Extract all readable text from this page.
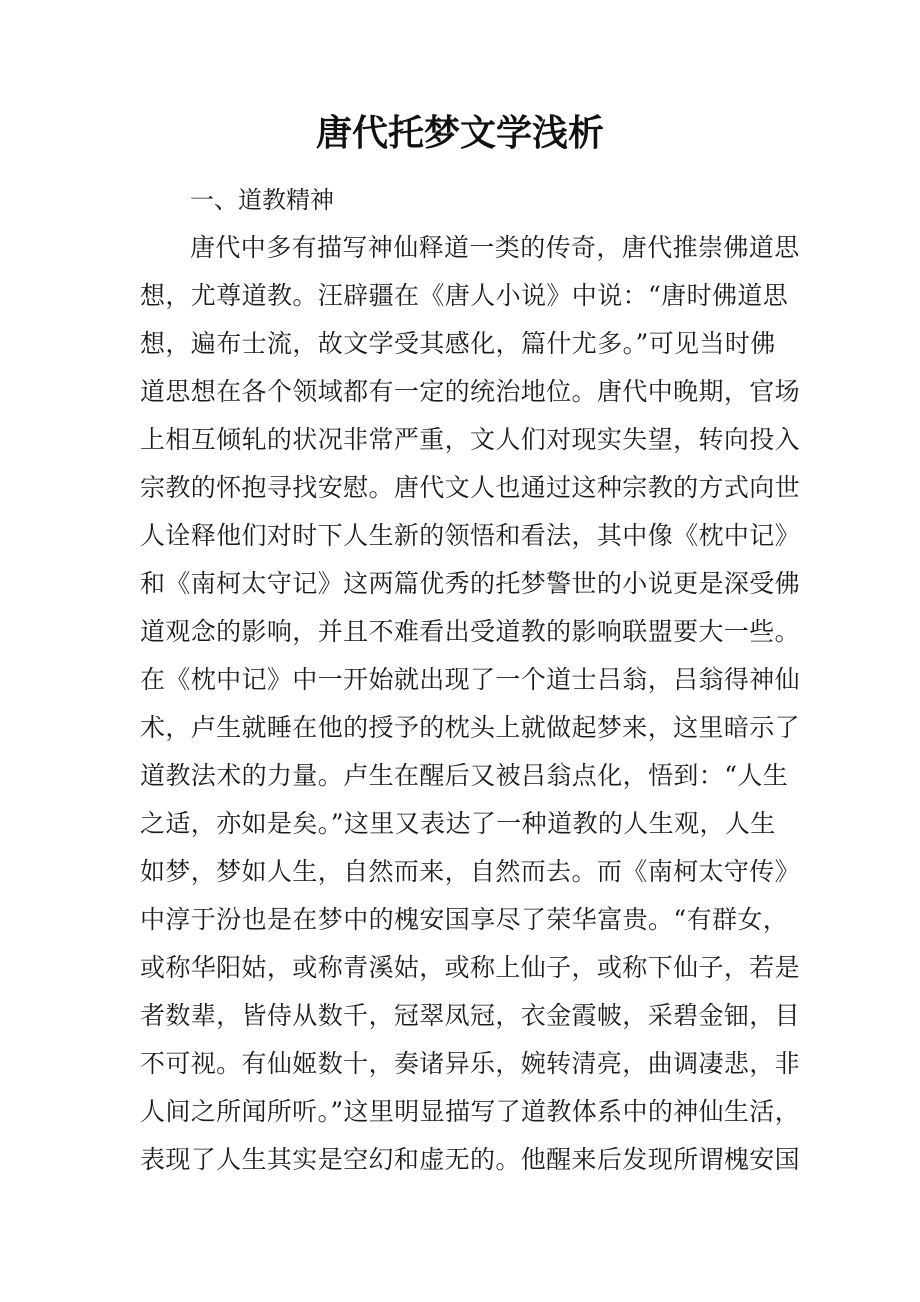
唐代托梦文学浅析

一、道教精神

唐代中多有描写神仙释道一类的传奇，唐代推崇佛道思
想，尤尊道教。汪辟疆在《唐人小说》中说：“唐时佛道思
想，遍布士流，故文学受其感化，篇什尤多。”可见当时佛
道思想在各个领域都有一定的统治地位。唐代中晚期，官场
上相互倾轧的状况非常严重，文人们对现实失望，转向投入
宗教的怀抱寻找安慰。唐代文人也通过这种宗教的方式向世
人诠释他们对时下人生新的领悟和看法，其中像《枕中记》
和《南柯太守记》这两篇优秀的托梦警世的小说更是深受佛
道观念的影响，并且不难看出受道教的影响联盟要大一些。
在《枕中记》中一开始就出现了一个道士吕翁，吕翁得神仙
术，卢生就睡在他的授予的枕头上就做起梦来，这里暗示了
道教法术的力量。卢生在醒后又被吕翁点化，悟到：“人生
之适，亦如是矣。”这里又表达了一种道教的人生观，人生
如梦，梦如人生，自然而来，自然而去。而《南柯太守传》
中淳于汾也是在梦中的槐安国享尽了荣华富贵。“有群女，
或称华阳姑，或称青溪姑，或称上仙子，或称下仙子，若是
者数辈，皆侍从数千，冠翠凤冠，衣金霞帔，采碧金钿，目
不可视。有仙姬数十，奏诸异乐，婉转清亮，曲调凄悲，非
人间之所闻所听。”这里明显描写了道教体系中的神仙生活，
表现了人生其实是空幻和虚无的。他醒来后发现所谓槐安国
